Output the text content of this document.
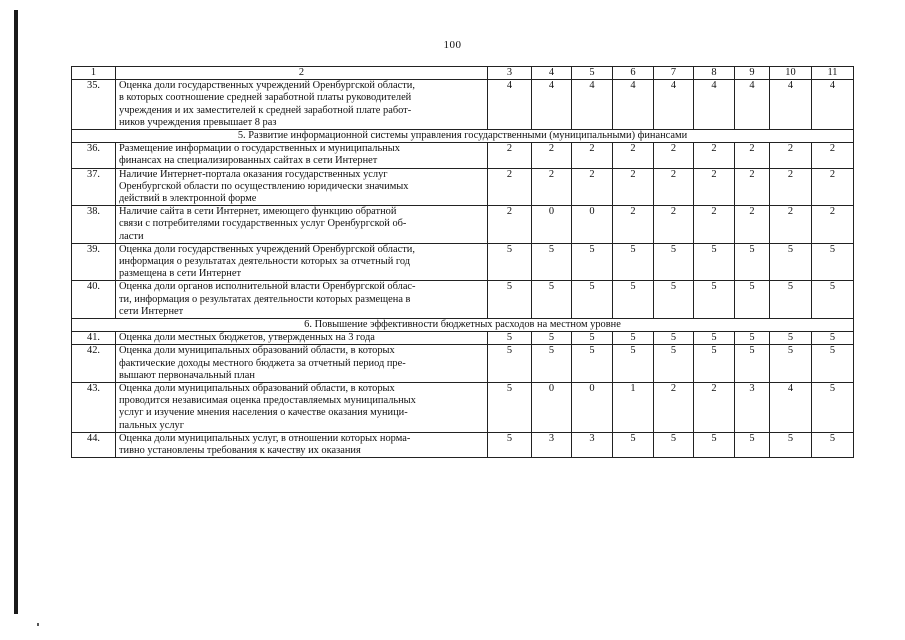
100
1	2	3	4	5	6	7	8	9	10	11
35.	Оценка доли государственных учреждений Оренбургской области,
в которых соотношение средней заработной платы руководителей
учреждения и их заместителей к средней заработной плате работ-
ников учреждения превышает 8 раз	4	4	4	4	4	4	4	4	4
5. Развитие информационной системы управления государственными (муниципальными) финансами										
36.	Размещение информации о государственных и муниципальных
финансах на специализированных сайтах в сети Интернет	2	2	2	2	2	2	2	2	2
37.	Наличие Интернет-портала оказания государственных услуг
Оренбургской области по осуществлению юридически значимых
действий в электронной форме	2	2	2	2	2	2	2	2	2
38.	Наличие сайта в сети Интернет, имеющего функцию обратной
связи с потребителями государственных услуг Оренбургской об-
ласти	2	0	0	2	2	2	2	2	2
39.	Оценка доли государственных учреждений Оренбургской области,
информация о результатах деятельности которых за отчетный год
размещена в сети Интернет	5	5	5	5	5	5	5	5	5
40.	Оценка доли органов исполнительной власти Оренбургской облас-
ти, информация о результатах деятельности которых размещена в
сети Интернет	5	5	5	5	5	5	5	5	5
6. Повышение эффективности бюджетных расходов на местном уровне										
41.	Оценка доли местных бюджетов, утвержденных на 3 года	5	5	5	5	5	5	5	5	5
42.	Оценка доли муниципальных образований области, в которых
фактические доходы местного бюджета за отчетный период пре-
вышают первоначальный план	5	5	5	5	5	5	5	5	5
43.	Оценка доли муниципальных образований области, в которых
проводится независимая оценка предоставляемых муниципальных
услуг и изучение мнения населения о качестве оказания муници-
пальных услуг	5	0	0	1	2	2	3	4	5
44.	Оценка доли муниципальных услуг, в отношении которых норма-
тивно установлены требования к качеству их оказания	5	3	3	5	5	5	5	5	5
